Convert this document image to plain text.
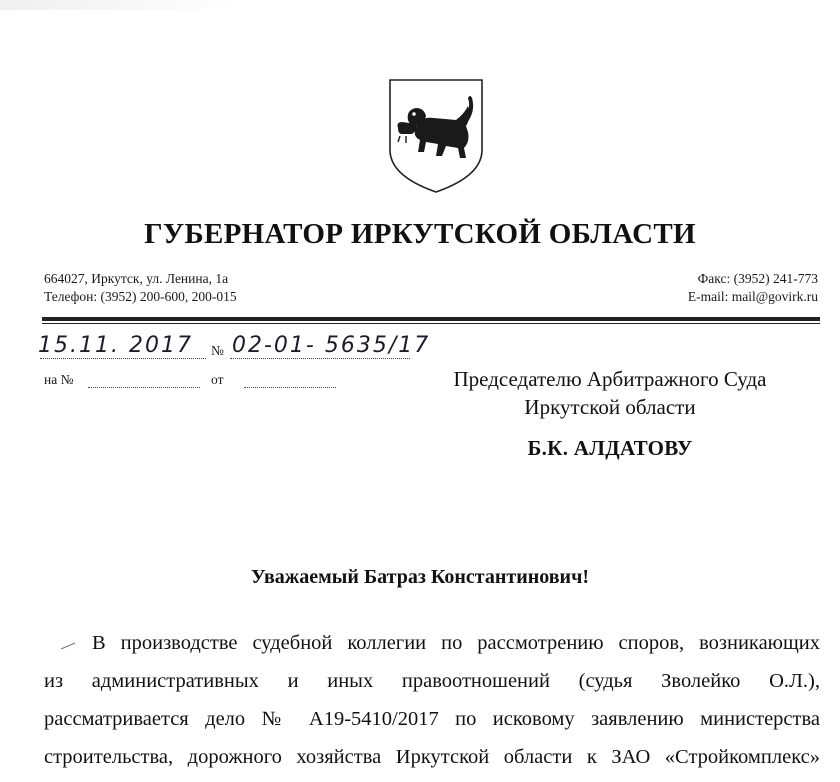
ГУБЕРНАТОР ИРКУТСКОЙ ОБЛАСТИ
664027, Иркутск, ул. Ленина, 1а
Телефон: (3952) 200-600, 200-015
Факс: (3952) 241-773
E-mail: mail@govirk.ru
15.11. 2017 № 02-01- 5635/17
на №	от	Председателю Арбитражного Суда
Иркутской области
Б.К. АЛДАТОВУ
Уважаемый Батраз Константинович!
В производстве судебной коллегии по рассмотрению споров, возникающих
из административных и иных правоотношений (судья Зволейко О.Л.),
рассматривается дело № А19-5410/2017 по исковому заявлению министерства
строительства, дорожного хозяйства Иркутской области к ЗАО «Стройкомплекс»
